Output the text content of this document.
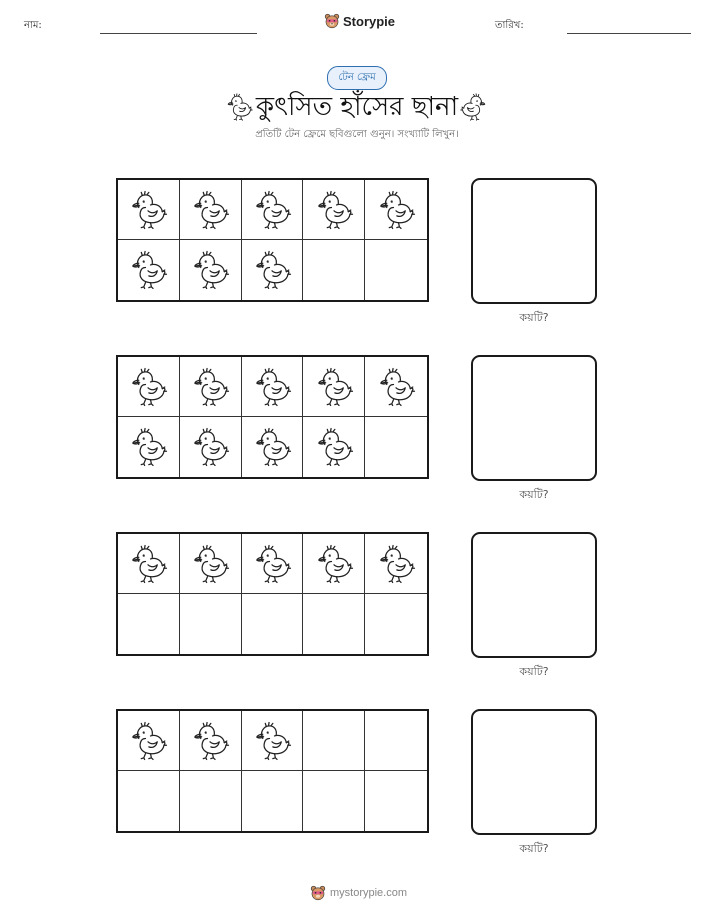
নাম:	Storypie	তারিখ:
টেন ফ্রেম
কুৎসিত হাঁসের ছানা
প্রতিটি টেন ফ্রেমে ছবিগুলো গুনুন। সংখ্যাটি লিখুন।
কয়টি?
কয়টি?
কয়টি?
কয়টি?
mystorypie.com
